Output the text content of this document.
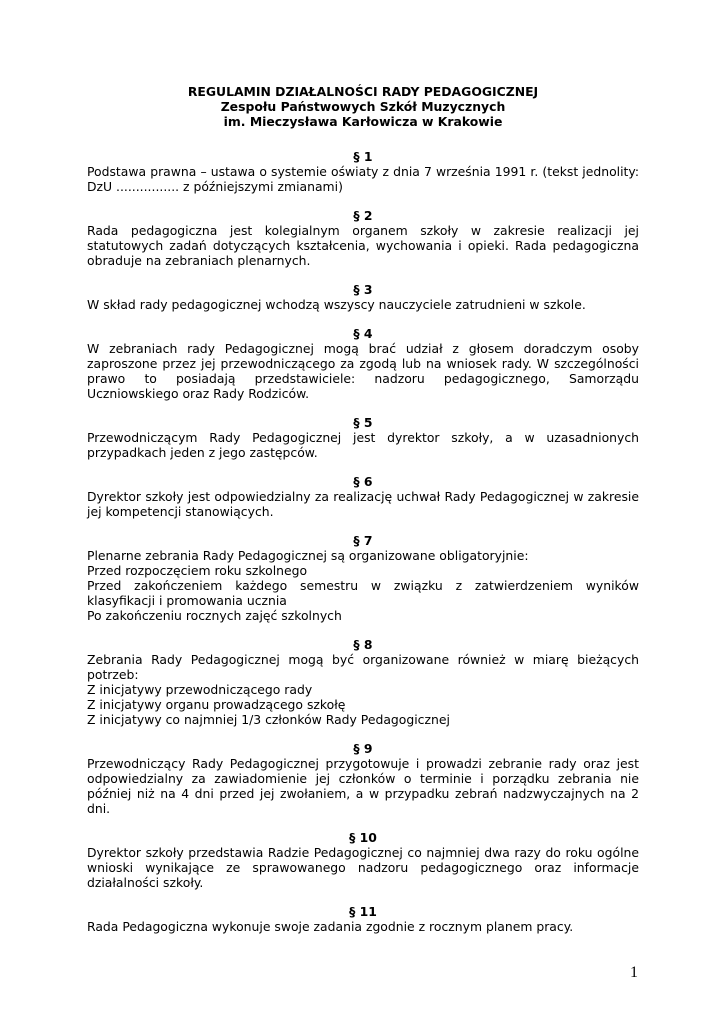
REGULAMIN DZIAŁALNOŚCI RADY PEDAGOGICZNEJ
Zespołu Państwowych Szkół Muzycznych
im. Mieczysława Karłowicza w Krakowie
§ 1
Podstawa prawna – ustawa o systemie oświaty z dnia 7 września 1991 r. (tekst jednolity: DzU ................ z późniejszymi zmianami)
§ 2
Rada pedagogiczna jest kolegialnym organem szkoły w zakresie realizacji jej statutowych zadań dotyczących kształcenia, wychowania i opieki. Rada pedagogiczna obraduje na zebraniach plenarnych.
§ 3
W skład rady pedagogicznej wchodzą wszyscy nauczyciele zatrudnieni w szkole.
§ 4
W zebraniach rady Pedagogicznej mogą brać udział z głosem doradczym osoby zaproszone przez jej przewodniczącego za zgodą lub na wniosek rady. W szczególności prawo to posiadają przedstawiciele: nadzoru pedagogicznego, Samorządu Uczniowskiego oraz Rady Rodziców.
§ 5
Przewodniczącym Rady Pedagogicznej jest dyrektor szkoły, a w uzasadnionych przypadkach jeden z jego zastępców.
§ 6
Dyrektor szkoły jest odpowiedzialny za realizację uchwał Rady Pedagogicznej w zakresie jej kompetencji stanowiących.
§ 7
Plenarne zebrania Rady Pedagogicznej są organizowane obligatoryjnie:
Przed rozpoczęciem roku szkolnego
Przed zakończeniem każdego semestru w związku z zatwierdzeniem wyników klasyfikacji i promowania ucznia
Po zakończeniu rocznych zajęć szkolnych
§ 8
Zebrania Rady Pedagogicznej mogą być organizowane również w miarę bieżących potrzeb:
Z inicjatywy przewodniczącego rady
Z inicjatywy organu prowadzącego szkołę
Z inicjatywy co najmniej 1/3 członków Rady Pedagogicznej
§ 9
Przewodniczący Rady Pedagogicznej przygotowuje i prowadzi zebranie rady oraz jest odpowiedzialny za zawiadomienie jej członków o terminie i porządku zebrania nie później niż na 4 dni przed jej zwołaniem, a w przypadku zebrań nadzwyczajnych na 2 dni.
§ 10
Dyrektor szkoły przedstawia Radzie Pedagogicznej co najmniej dwa razy do roku ogólne wnioski wynikające ze sprawowanego nadzoru pedagogicznego oraz informacje działalności szkoły.
§ 11
Rada Pedagogiczna wykonuje swoje zadania zgodnie z rocznym planem pracy.
1
